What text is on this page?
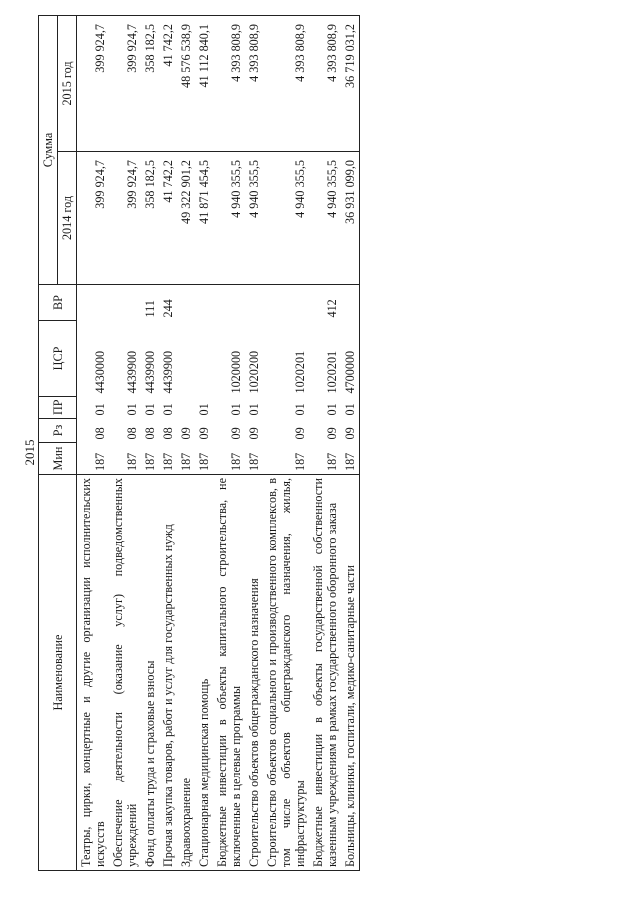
2015
Наименование	Мин	Рз	ПР	ЦСР	ВР	Сумма	
						2014 год	2015 год
Театры, цирки, концертные и другие организации исполнительских искусств	187	08	01	4430000		399 924,7	399 924,7
Обеспечение деятельности (оказание услуг) подведомственных учреждений	187	08	01	4439900		399 924,7	399 924,7
Фонд оплаты труда и страховые взносы	187	08	01	4439900	111	358 182,5	358 182,5
Прочая закупка товаров, работ и услуг для государственных нужд	187	08	01	4439900	244	41 742,2	41 742,2
Здравоохранение	187	09				49 322 901,2	48 576 538,9
Стационарная медицинская помощь	187	09	01			41 871 454,5	41 112 840,1
Бюджетные инвестиции в объекты капитального строительства, не включенные в целевые программы	187	09	01	1020000		4 940 355,5	4 393 808,9
Строительство объектов общегражданского назначения	187	09	01	1020200		4 940 355,5	4 393 808,9
Строительство объектов социального и производственного комплексов, в том числе объектов общегражданского назначения, жилья, инфраструктуры	187	09	01	1020201		4 940 355,5	4 393 808,9
Бюджетные инвестиции в объекты государственной собственности казенным учреждениям в рамках государственного оборонного заказа	187	09	01	1020201	412	4 940 355,5	4 393 808,9
Больницы, клиники, госпитали, медико-санитарные части	187	09	01	4700000		36 931 099,0	36 719 031,2
